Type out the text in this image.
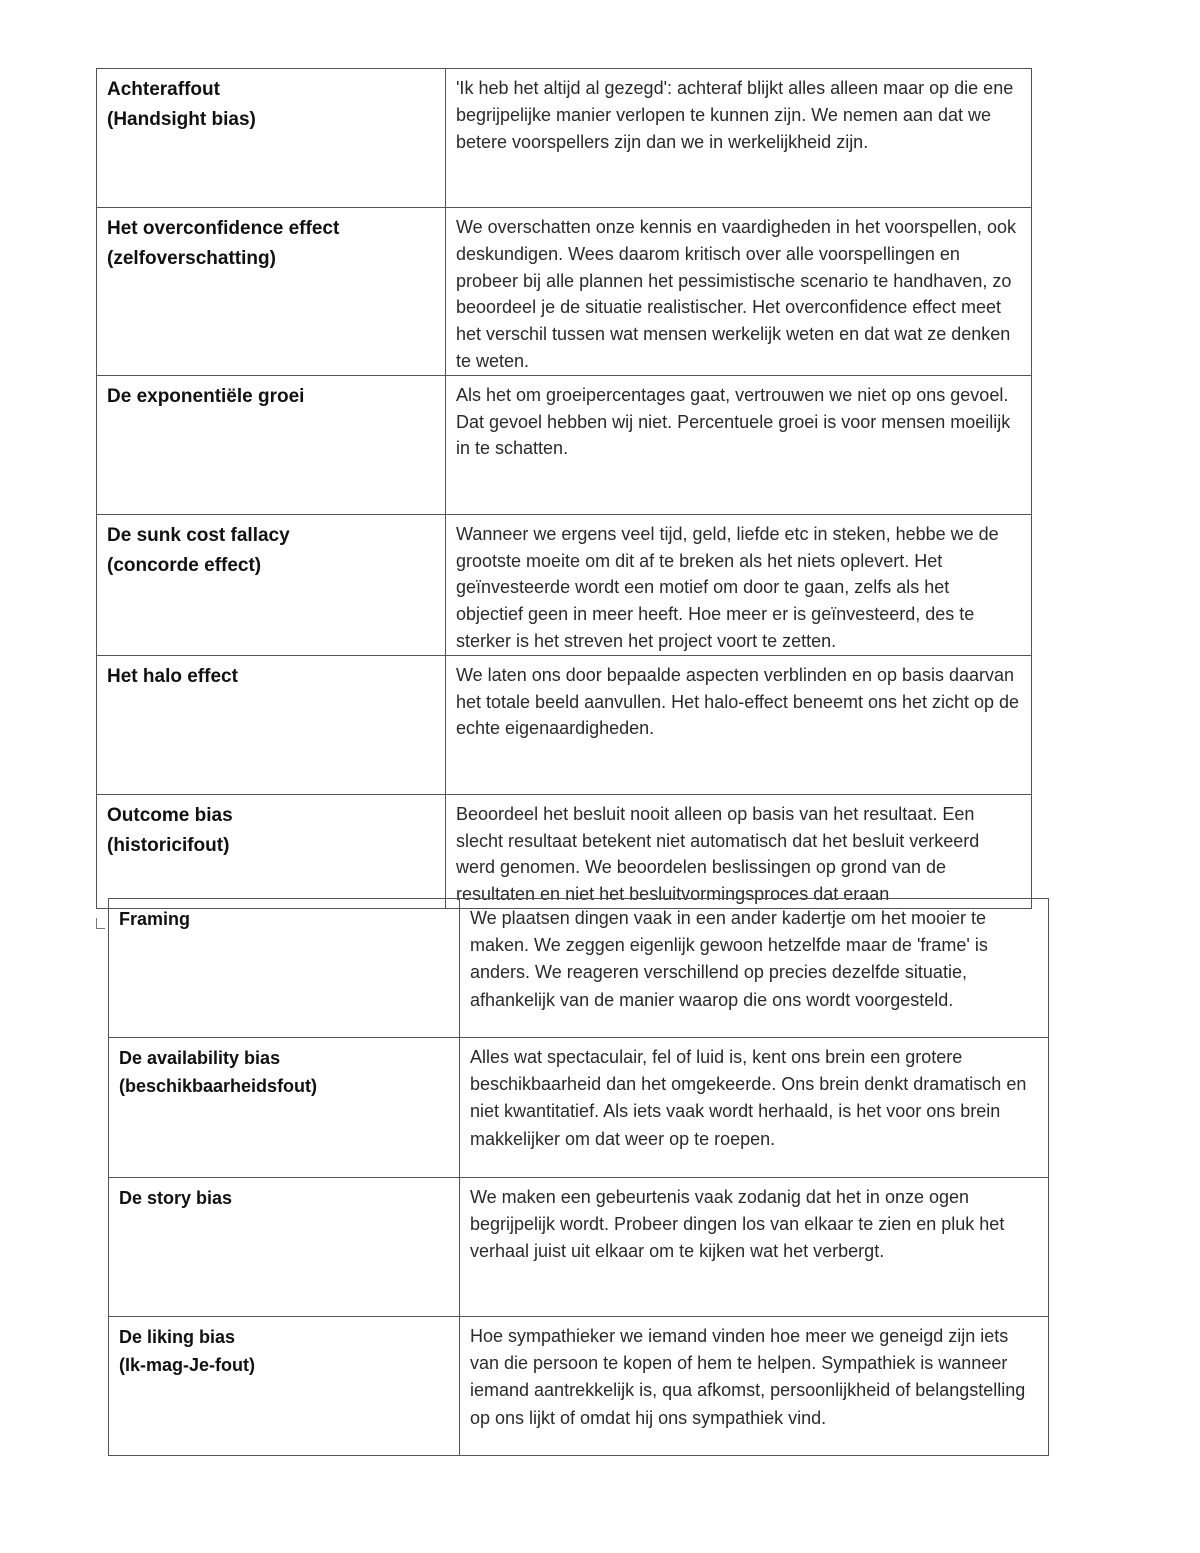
Achteraffout
(Handsight bias)	'Ik heb het altijd al gezegd': achteraf blijkt alles alleen maar op die ene begrijpelijke manier verlopen te kunnen zijn. We nemen aan dat we betere voorspellers zijn dan we in werkelijkheid zijn.

Het overconfidence effect
(zelfoverschatting)	We overschatten onze kennis en vaardigheden in het voorspellen, ook deskundigen. Wees daarom kritisch over alle voorspellingen en probeer bij alle plannen het pessimistische scenario te handhaven, zo beoordeel je de situatie realistischer. Het overconfidence effect meet het verschil tussen wat mensen werkelijk weten en dat wat ze denken te weten.

De exponentiële groei	Als het om groeipercentages gaat, vertrouwen we niet op ons gevoel. Dat gevoel hebben wij niet. Percentuele groei is voor mensen moeilijk in te schatten.

De sunk cost fallacy
(concorde effect)	Wanneer we ergens veel tijd, geld, liefde etc in steken, hebbe we de grootste moeite om dit af te breken als het niets oplevert. Het geïnvesteerde wordt een motief om door te gaan, zelfs als het objectief geen in meer heeft. Hoe meer er is geïnvesteerd, des te sterker is het streven het project voort te zetten.

Het halo effect	We laten ons door bepaalde aspecten verblinden en op basis daarvan het totale beeld aanvullen. Het halo-effect beneemt ons het zicht op de echte eigenaardigheden.

Outcome bias
(historicifout)	Beoordeel het besluit nooit alleen op basis van het resultaat. Een slecht resultaat betekent niet automatisch dat het besluit verkeerd werd genomen. We beoordelen beslissingen op grond van de resultaten en niet het besluitvormingsproces dat eraan
Framing	We plaatsen dingen vaak in een ander kadertje om het mooier te maken. We zeggen eigenlijk gewoon hetzelfde maar de 'frame' is anders. We reageren verschillend op precies dezelfde situatie, afhankelijk van de manier waarop die ons wordt voorgesteld.

De availability bias
(beschikbaarheidsfout)	Alles wat spectaculair, fel of luid is, kent ons brein een grotere beschikbaarheid dan het omgekeerde. Ons brein denkt dramatisch en niet kwantitatief. Als iets vaak wordt herhaald, is het voor ons brein makkelijker om dat weer op te roepen.

De story bias	We maken een gebeurtenis vaak zodanig dat het in onze ogen begrijpelijk wordt. Probeer dingen los van elkaar te zien en pluk het verhaal juist uit elkaar om te kijken wat het verbergt.

De liking bias
(Ik-mag-Je-fout)	Hoe sympathieker we iemand vinden hoe meer we geneigd zijn iets van die persoon te kopen of hem te helpen. Sympathiek is wanneer iemand aantrekkelijk is, qua afkomst, persoonlijkheid of belangstelling op ons lijkt of omdat hij ons sympathiek vind.
